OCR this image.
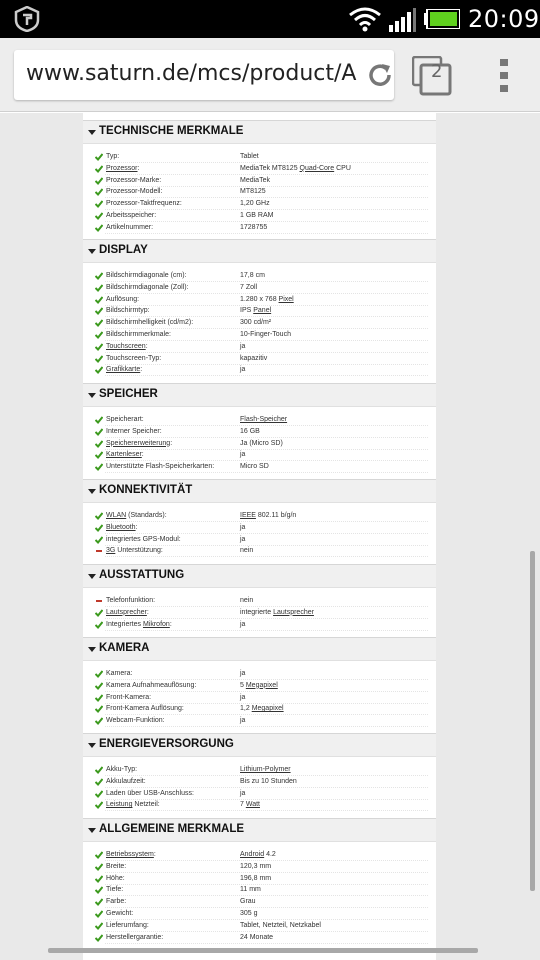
20:09
www.saturn.de/mcs/product/A	2
TECHNISCHE MERKMALE
Typ:	Tablet
Prozessor:	MediaTek MT8125 Quad-Core CPU
Prozessor-Marke:	MediaTek
Prozessor-Modell:	MT8125
Prozessor-Taktfrequenz:	1,20 GHz
Arbeitsspeicher:	1 GB RAM
Artikelnummer:	1728755
DISPLAY
Bildschirmdiagonale (cm):	17,8 cm
Bildschirmdiagonale (Zoll):	7 Zoll
Auflösung:	1.280 x 768 Pixel
Bildschirmtyp:	IPS Panel
Bildschirmhelligkeit (cd/m2):	300 cd/m²
Bildschirmmerkmale:	10-Finger-Touch
Touchscreen:	ja
Touchscreen-Typ:	kapazitiv
Grafikkarte:	ja
SPEICHER
Speicherart:	Flash-Speicher
Interner Speicher:	16 GB
Speichererweiterung:	Ja (Micro SD)
Kartenleser:	ja
Unterstützte Flash-Speicherkarten:	Micro SD
KONNEKTIVITÄT
WLAN (Standards):	IEEE 802.11 b/g/n
Bluetooth:	ja
integriertes GPS-Modul:	ja
3G Unterstützung:	nein
AUSSTATTUNG
Telefonfunktion:	nein
Lautsprecher:	integrierte Lautsprecher
Integriertes Mikrofon:	ja
KAMERA
Kamera:	ja
Kamera Aufnahmeauflösung:	5 Megapixel
Front-Kamera:	ja
Front-Kamera Auflösung:	1,2 Megapixel
Webcam-Funktion:	ja
ENERGIEVERSORGUNG
Akku-Typ:	Lithium-Polymer
Akkulaufzeit:	Bis zu 10 Stunden
Laden über USB-Anschluss:	ja
Leistung Netzteil:	7 Watt
ALLGEMEINE MERKMALE
Betriebssystem:	Android 4.2
Breite:	120,3 mm
Höhe:	196,8 mm
Tiefe:	11 mm
Farbe:	Grau
Gewicht:	305 g
Lieferumfang:	Tablet, Netzteil, Netzkabel
Herstellergarantie:	24 Monate
